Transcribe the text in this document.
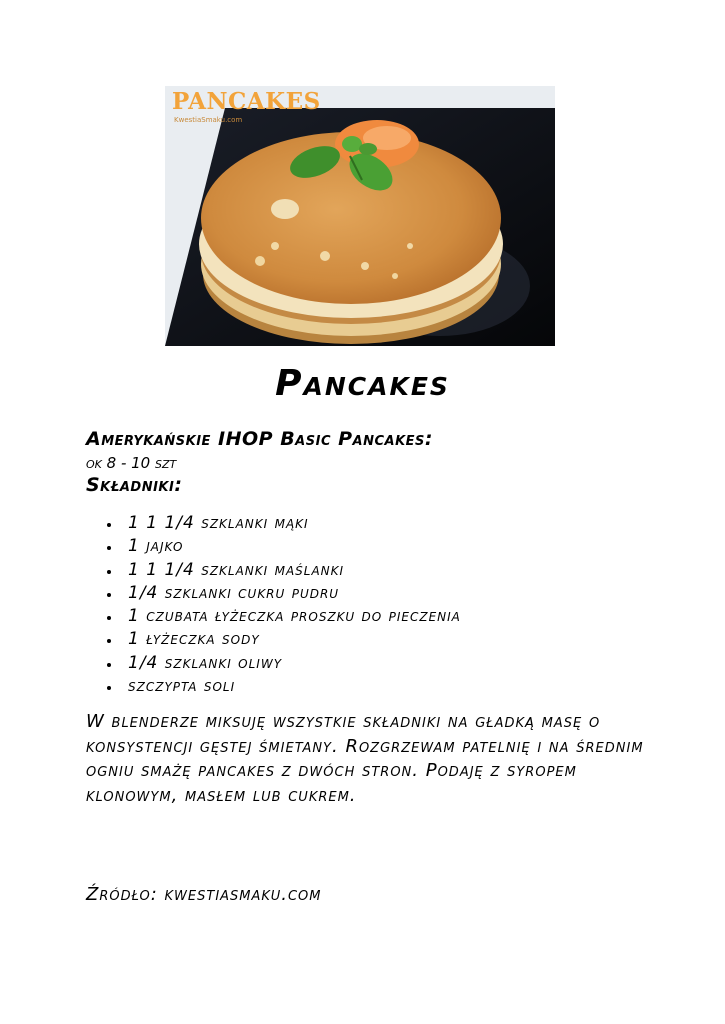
PANCAKES
KwestiaSmaku.com
Pancakes
Amerykańskie IHOP Basic Pancakes:
ok 8 - 10 szt
Składniki:
1 1 1/4 szklanki mąki
1 jajko
1 1 1/4 szklanki maślanki
1/4 szklanki cukru pudru
1 czubata łyżeczka proszku do pieczenia
1 łyżeczka sody
1/4 szklanki oliwy
szczypta soli

W blenderze miksuję wszystkie składniki na gładką masę o konsystencji gęstej śmietany. Rozgrzewam patelnię i na średnim ogniu smażę pancakes z dwóch stron. Podaję z syropem klonowym, masłem lub cukrem.

Źródło: kwestiasmaku.com
